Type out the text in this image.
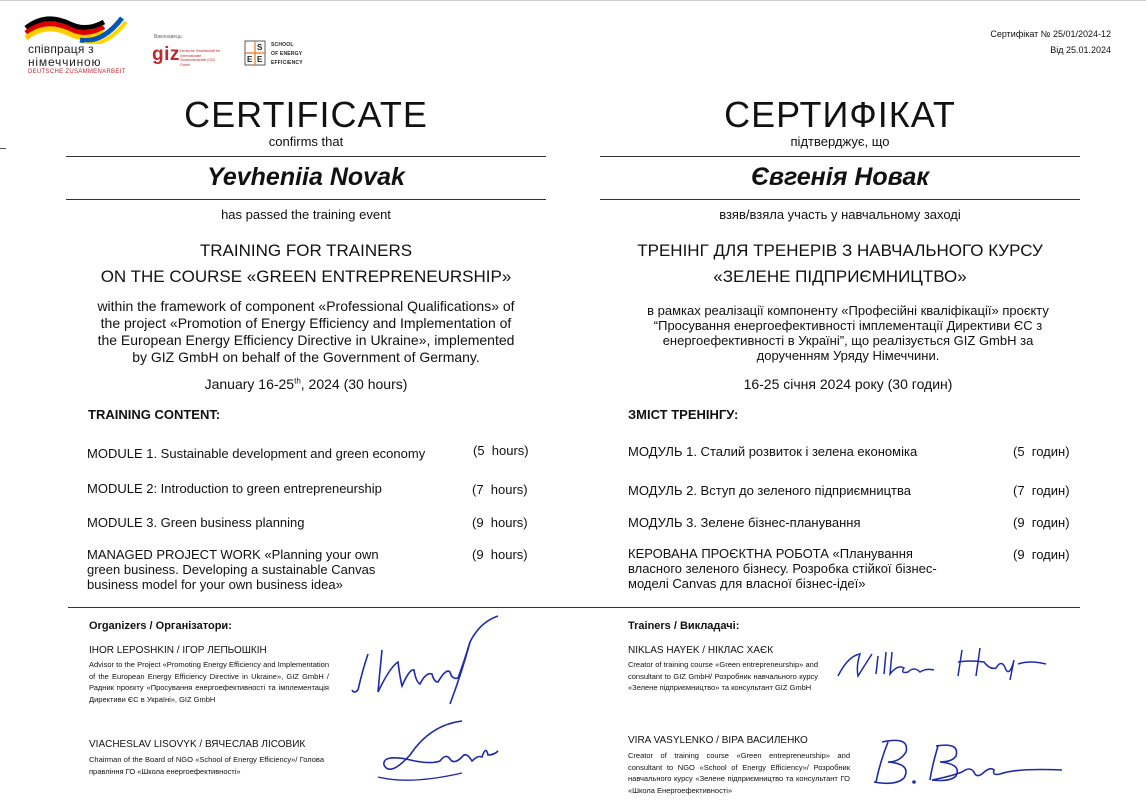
співпраця з
німеччиною
DEUTSCHE ZUSAMMENARBEIT
Виконавець:
giz Deutsche Gesellschaft für Internationale Zusammenarbeit (GIZ) GmbH
S
E E
SCHOOL
OF ENERGY
EFFICIENCY
Сертифікат № 25/01/2024-12
Від 25.01.2024
CERTIFICATE
confirms that
Yevheniia Novak
has passed the training event
TRAINING FOR TRAINERS
ON THE COURSE «GREEN ENTREPRENEURSHIP»
within the framework of component «Professional Qualifications» of
the project «Promotion of Energy Efficiency and Implementation of
the European Energy Efficiency Directive in Ukraine», implemented
by GIZ GmbH on behalf of the Government of Germany.
January 16-25th, 2024 (30 hours)
TRAINING CONTENT:
MODULE 1. Sustainable development and green economy	(5  hours)
MODULE 2: Introduction to green entrepreneurship	(7  hours)
MODULE 3. Green business planning	(9  hours)
MANAGED PROJECT WORK «Planning your own green business. Developing a sustainable Canvas business model for your own business idea»
(9  hours)
СЕРТИФІКАТ
підтверджує, що
Євгенія Новак
взяв/взяла участь у навчальному заході
ТРЕНІНГ ДЛЯ ТРЕНЕРІВ З НАВЧАЛЬНОГО КУРСУ
«ЗЕЛЕНЕ ПІДПРИЄМНИЦТВО»
в рамках реалізації компоненту «Професійні кваліфікації» проєкту
“Просування енергоефективності імплементації Директиви ЄС з
енергоефективності в Україні”, що реалізується GIZ GmbH за
дорученням Уряду Німеччини.
16-25 січня 2024 року (30 годин)
ЗМІСТ ТРЕНІНГУ:
МОДУЛЬ 1. Сталий розвиток і зелена економіка	(5  годин)
МОДУЛЬ 2. Вступ до зеленого підприємництва	(7  годин)
МОДУЛЬ 3. Зелене бізнес-планування	(9  годин)
КЕРОВАНА ПРОЄКТНА РОБОТА «Планування власного зеленого бізнесу. Розробка стійкої бізнес-моделі Canvas для власної бізнес-ідеї»
(9  годин)
Organizers / Організатори:
IHOR LEPOSHKIN / ІГОР ЛЕПЬОШКІН
Advisor to the Project «Promoting Energy Efficiency and Implementation of the European Energy Efficiency Directive in Ukraine», GIZ GmbH / Радник проєкту «Просування енергоефективності та імплементація Директиви ЄС в Україні», GIZ GmbH
VIACHESLAV LISOVYK / ВЯЧЕСЛАВ ЛІСОВИК
Chairman of the Board of NGO «School of Energy Efficiency»/ Голова правління ГО «Школа енергоефективності»
Trainers / Викладачі:
NIKLAS HAYEK / НІКЛАС ХАЄК
Creator of training course «Green entrepreneurship» and consultant to GIZ GmbH/ Розробник навчального курсу «Зелене підприємництво» та консультант GIZ GmbH
VIRA VASYLENKO / ВІРА ВАСИЛЕНКО
Creator of training course «Green entrepreneurship» and consultant to NGO «School of Energy Efficiency»/ Розробник навчального курсу «Зелене підприємництво та консультант ГО «Школа Енергоефективності»
